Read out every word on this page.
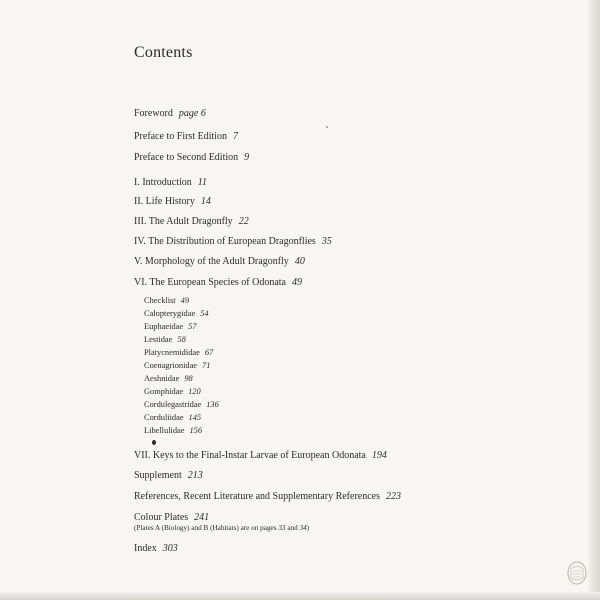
Contents
Foreword page 6
Preface to First Edition 7
Preface to Second Edition 9
I. Introduction 11
II. Life History 14
III. The Adult Dragonfly 22
IV. The Distribution of European Dragonflies 35
V. Morphology of the Adult Dragonfly 40
VI. The European Species of Odonata 49
Checklist 49
Calopterygidae 54
Euphaeidae 57
Lestidae 58
Platycnemididae 67
Coenagrionidae 71
Aeshnidae 98
Gomphidae 120
Cordulegastridae 136
Corduliidae 145
Libellulidae 156
VII. Keys to the Final-Instar Larvae of European Odonata 194
Supplement 213
References, Recent Literature and Supplementary References 223
Colour Plates 241
(Plates A (Biology) and B (Habitats) are on pages 33 and 34)
Index 303
